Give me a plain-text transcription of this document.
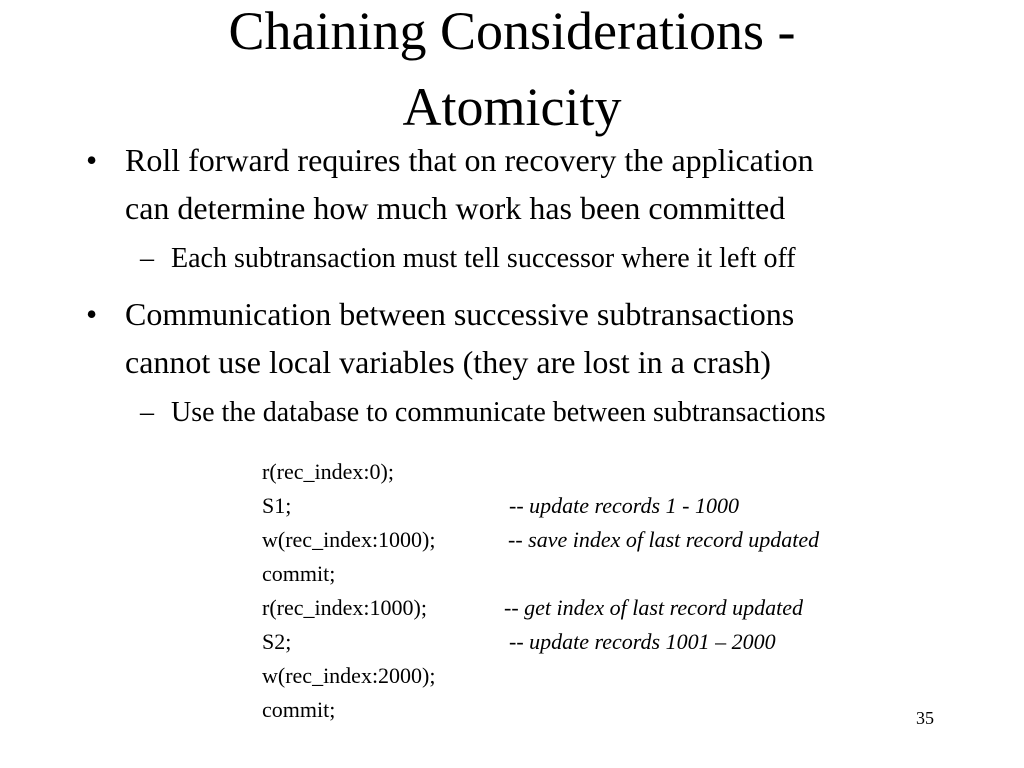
Chaining Considerations -
Atomicity
• Roll forward requires that on recovery the application
can determine how much work has been committed
– Each subtransaction must tell successor where it left off
• Communication between successive subtransactions
cannot use local variables (they are lost in a crash)
– Use the database to communicate between subtransactions
r(rec_index:0);
S1;	-- update records 1 - 1000
w(rec_index:1000);	-- save index of last record updated
commit;
r(rec_index:1000);	-- get index of last record updated
S2;	-- update records 1001 – 2000
w(rec_index:2000);
commit;	35
